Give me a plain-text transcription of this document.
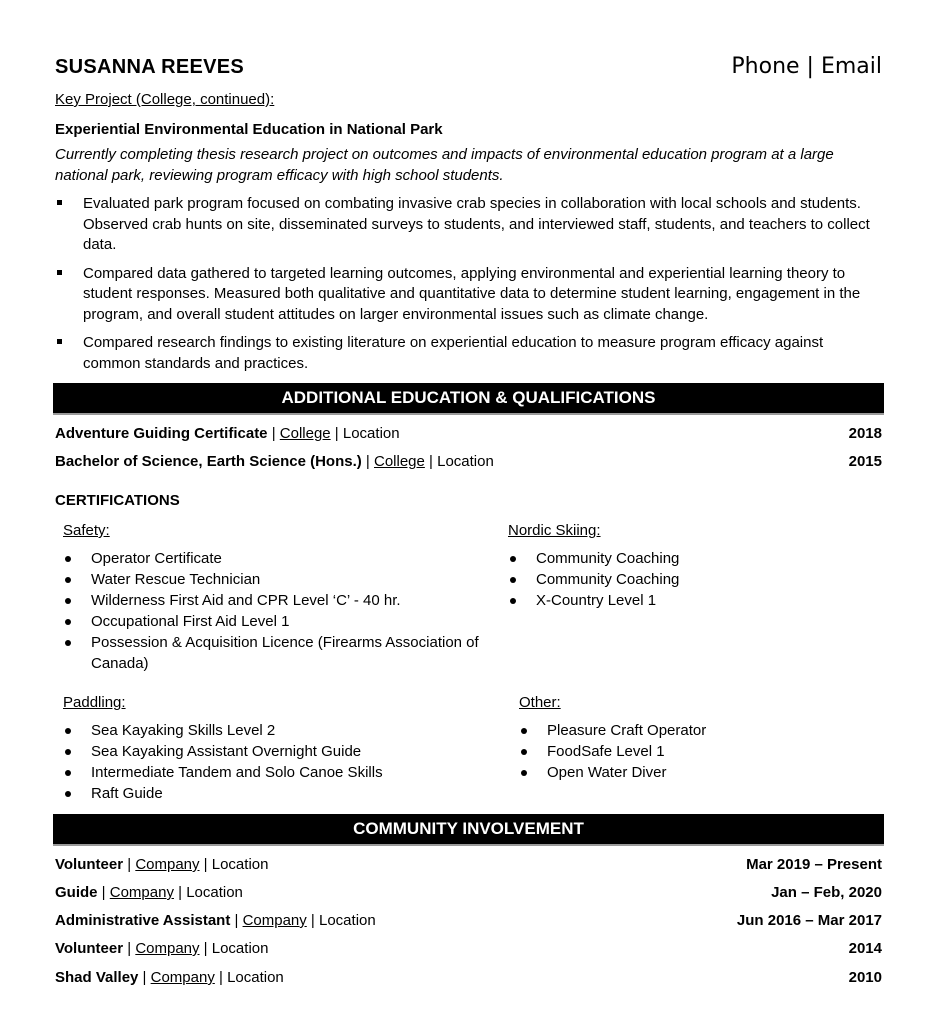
SUSANNA REEVES	Phone | Email
Key Project (College, continued):
Experiential Environmental Education in National Park
Currently completing thesis research project on outcomes and impacts of environmental education program at a large national park, reviewing program efficacy with high school students.
Evaluated park program focused on combating invasive crab species in collaboration with local schools and students. Observed crab hunts on site, disseminated surveys to students, and interviewed staff, students, and teachers to collect data.
Compared data gathered to targeted learning outcomes, applying environmental and experiential learning theory to student responses. Measured both qualitative and quantitative data to determine student learning, engagement in the program, and overall student attitudes on larger environmental issues such as climate change.
Compared research findings to existing literature on experiential education to measure program efficacy against common standards and practices.
ADDITIONAL EDUCATION & QUALIFICATIONS
Adventure Guiding Certificate | College | Location	2018
Bachelor of Science, Earth Science (Hons.) | College | Location	2015
CERTIFICATIONS
Safety:
Operator Certificate
Water Rescue Technician
Wilderness First Aid and CPR Level ‘C’ - 40 hr.
Occupational First Aid Level 1
Possession & Acquisition Licence (Firearms Association of Canada)
Nordic Skiing:
Community Coaching
Community Coaching
X-Country Level 1
Paddling:
Sea Kayaking Skills Level 2
Sea Kayaking Assistant Overnight Guide
Intermediate Tandem and Solo Canoe Skills
Raft Guide
Other:
Pleasure Craft Operator
FoodSafe Level 1
Open Water Diver
COMMUNITY INVOLVEMENT
Volunteer | Company | Location	Mar 2019 – Present
Guide | Company | Location	Jan – Feb, 2020
Administrative Assistant | Company | Location	Jun 2016 – Mar 2017
Volunteer | Company | Location	2014
Shad Valley | Company | Location	2010
